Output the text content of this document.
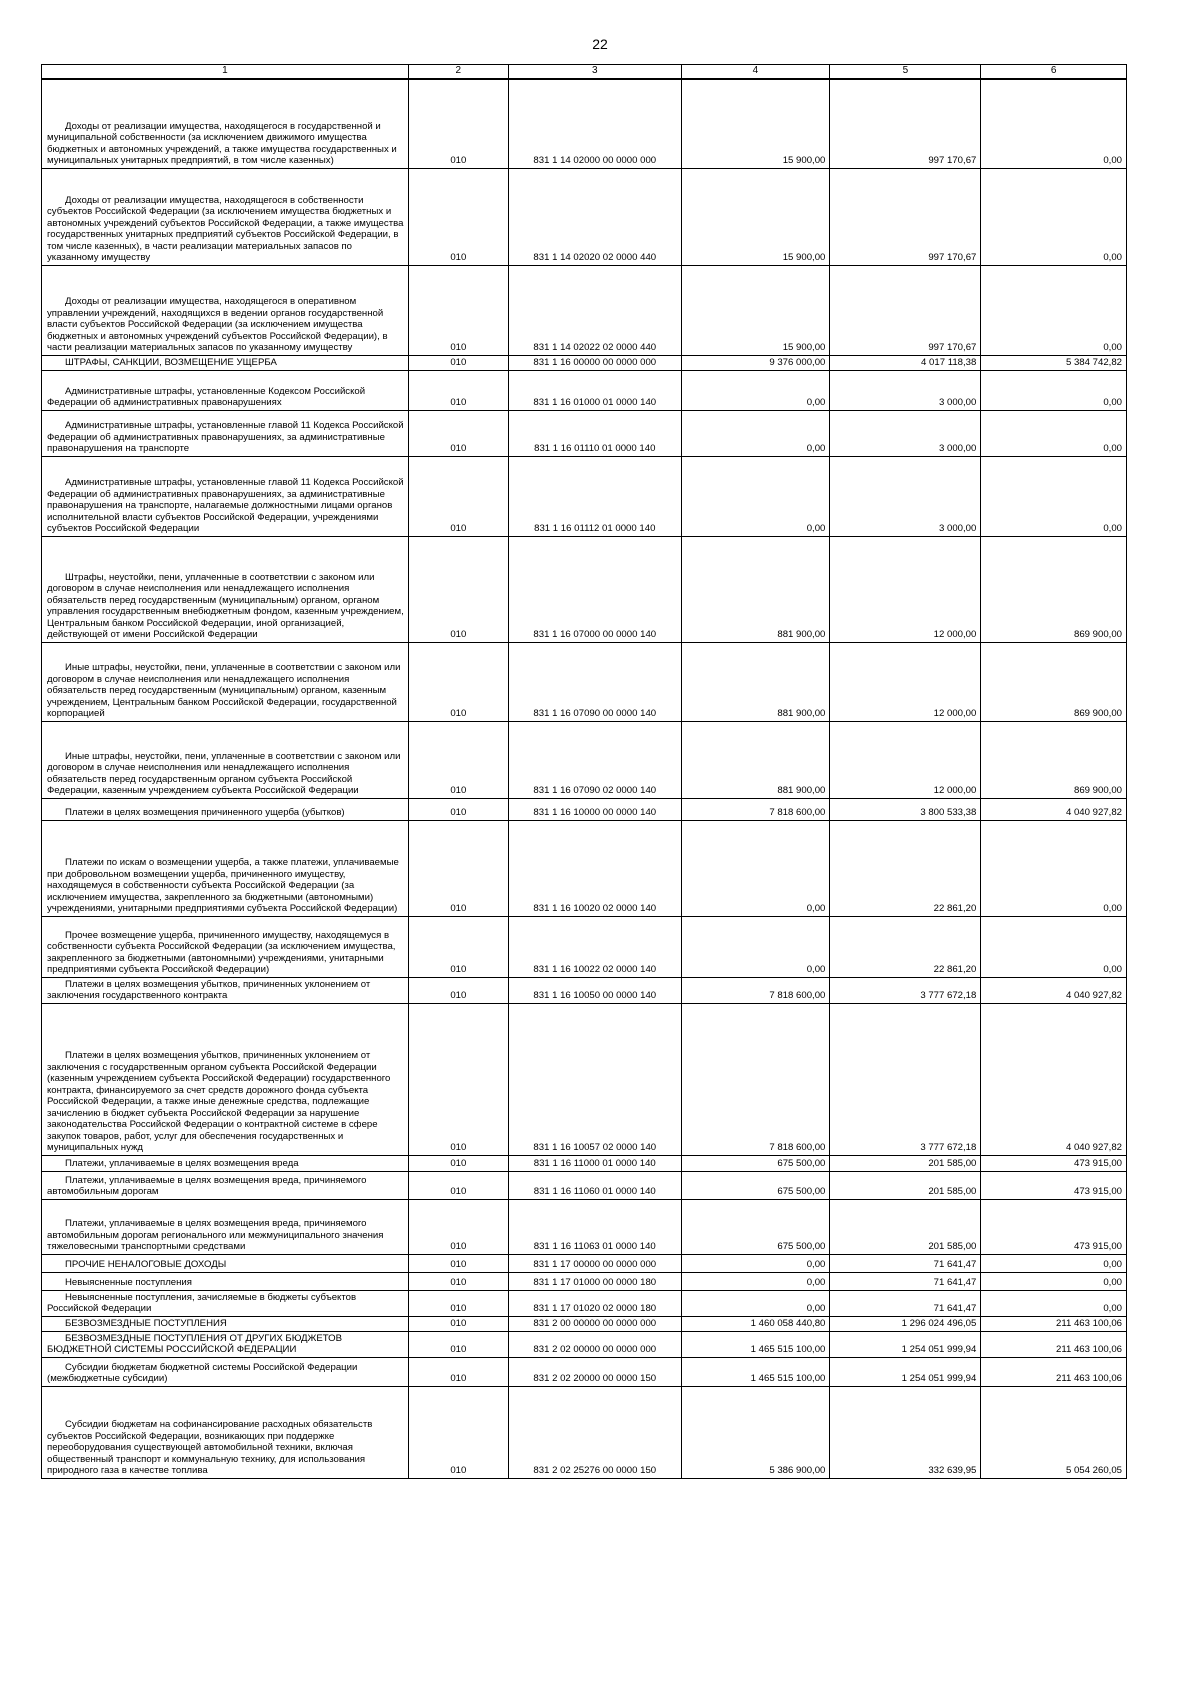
22
1	2	3	4	5	6

Доходы от реализации имущества, находящегося в государственной и муниципальной собственности (за исключением движимого имущества бюджетных и автономных учреждений, а также имущества государственных и муниципальных унитарных предприятий, в том числе казенных)	010	831 1 14 02000 00 0000 000	15 900,00	997 170,67	0,00

Доходы от реализации имущества, находящегося в собственности субъектов Российской Федерации (за исключением имущества бюджетных и автономных учреждений субъектов Российской Федерации, а также имущества государственных унитарных предприятий субъектов Российской Федерации, в том числе казенных), в части реализации материальных запасов по указанному имуществу	010	831 1 14 02020 02 0000 440	15 900,00	997 170,67	0,00

Доходы от реализации имущества, находящегося в оперативном управлении учреждений, находящихся в ведении органов государственной власти субъектов Российской Федерации (за исключением имущества бюджетных и автономных учреждений субъектов Российской Федерации), в части реализации материальных запасов по указанному имуществу	010	831 1 14 02022 02 0000 440	15 900,00	997 170,67	0,00

ШТРАФЫ, САНКЦИИ, ВОЗМЕЩЕНИЕ УЩЕРБА	010	831 1 16 00000 00 0000 000	9 376 000,00	4 017 118,38	5 384 742,82

Административные штрафы, установленные Кодексом Российской Федерации об административных правонарушениях	010	831 1 16 01000 01 0000 140	0,00	3 000,00	0,00

Административные штрафы, установленные главой 11 Кодекса Российской Федерации об административных правонарушениях, за административные правонарушения на транспорте	010	831 1 16 01110 01 0000 140	0,00	3 000,00	0,00

Административные штрафы, установленные главой 11 Кодекса Российской Федерации об административных правонарушениях, за административные правонарушения на транспорте, налагаемые должностными лицами органов исполнительной власти субъектов Российской Федерации, учреждениями субъектов Российской Федерации	010	831 1 16 01112 01 0000 140	0,00	3 000,00	0,00

Штрафы, неустойки, пени, уплаченные в соответствии с законом или договором в случае неисполнения или ненадлежащего исполнения обязательств перед государственным (муниципальным) органом, органом управления государственным внебюджетным фондом, казенным учреждением, Центральным банком Российской Федерации, иной организацией, действующей от имени Российской Федерации	010	831 1 16 07000 00 0000 140	881 900,00	12 000,00	869 900,00

Иные штрафы, неустойки, пени, уплаченные в соответствии с законом или договором в случае неисполнения или ненадлежащего исполнения обязательств перед государственным (муниципальным) органом, казенным учреждением, Центральным банком Российской Федерации, государственной корпорацией	010	831 1 16 07090 00 0000 140	881 900,00	12 000,00	869 900,00

Иные штрафы, неустойки, пени, уплаченные в соответствии с законом или договором в случае неисполнения или ненадлежащего исполнения обязательств перед государственным органом субъекта Российской Федерации, казенным учреждением субъекта Российской Федерации	010	831 1 16 07090 02 0000 140	881 900,00	12 000,00	869 900,00

Платежи в целях возмещения причиненного ущерба (убытков)	010	831 1 16 10000 00 0000 140	7 818 600,00	3 800 533,38	4 040 927,82

Платежи по искам о возмещении ущерба, а также платежи, уплачиваемые при добровольном возмещении ущерба, причиненного имуществу, находящемуся в собственности субъекта Российской Федерации (за исключением имущества, закрепленного за бюджетными (автономными) учреждениями, унитарными предприятиями субъекта Российской Федерации)	010	831 1 16 10020 02 0000 140	0,00	22 861,20	0,00

Прочее возмещение ущерба, причиненного имуществу, находящемуся в собственности субъекта Российской Федерации (за исключением имущества, закрепленного за бюджетными (автономными) учреждениями, унитарными предприятиями субъекта Российской Федерации)	010	831 1 16 10022 02 0000 140	0,00	22 861,20	0,00

Платежи в целях возмещения убытков, причиненных уклонением от заключения государственного контракта	010	831 1 16 10050 00 0000 140	7 818 600,00	3 777 672,18	4 040 927,82

Платежи в целях возмещения убытков, причиненных уклонением от заключения с государственным органом субъекта Российской Федерации (казенным учреждением субъекта Российской Федерации) государственного контракта, финансируемого за счет средств дорожного фонда субъекта Российской Федерации, а также иные денежные средства, подлежащие зачислению в бюджет субъекта Российской Федерации за нарушение законодательства Российской Федерации о контрактной системе в сфере закупок товаров, работ, услуг для обеспечения государственных и муниципальных нужд	010	831 1 16 10057 02 0000 140	7 818 600,00	3 777 672,18	4 040 927,82

Платежи, уплачиваемые в целях возмещения вреда	010	831 1 16 11000 01 0000 140	675 500,00	201 585,00	473 915,00

Платежи, уплачиваемые в целях возмещения вреда, причиняемого автомобильным дорогам	010	831 1 16 11060 01 0000 140	675 500,00	201 585,00	473 915,00

Платежи, уплачиваемые в целях возмещения вреда, причиняемого автомобильным дорогам регионального или межмуниципального значения тяжеловесными транспортными средствами	010	831 1 16 11063 01 0000 140	675 500,00	201 585,00	473 915,00

ПРОЧИЕ НЕНАЛОГОВЫЕ ДОХОДЫ	010	831 1 17 00000 00 0000 000	0,00	71 641,47	0,00

Невыясненные поступления	010	831 1 17 01000 00 0000 180	0,00	71 641,47	0,00

Невыясненные поступления, зачисляемые в бюджеты субъектов Российской Федерации	010	831 1 17 01020 02 0000 180	0,00	71 641,47	0,00

БЕЗВОЗМЕЗДНЫЕ ПОСТУПЛЕНИЯ	010	831 2 00 00000 00 0000 000	1 460 058 440,80	1 296 024 496,05	211 463 100,06

БЕЗВОЗМЕЗДНЫЕ ПОСТУПЛЕНИЯ ОТ ДРУГИХ БЮДЖЕТОВ БЮДЖЕТНОЙ СИСТЕМЫ РОССИЙСКОЙ ФЕДЕРАЦИИ	010	831 2 02 00000 00 0000 000	1 465 515 100,00	1 254 051 999,94	211 463 100,06

Субсидии бюджетам бюджетной системы Российской Федерации (межбюджетные субсидии)	010	831 2 02 20000 00 0000 150	1 465 515 100,00	1 254 051 999,94	211 463 100,06

Субсидии бюджетам на софинансирование расходных обязательств субъектов Российской Федерации, возникающих при поддержке переоборудования существующей автомобильной техники, включая общественный транспорт и коммунальную технику, для использования природного газа в качестве топлива	010	831 2 02 25276 00 0000 150	5 386 900,00	332 639,95	5 054 260,05
